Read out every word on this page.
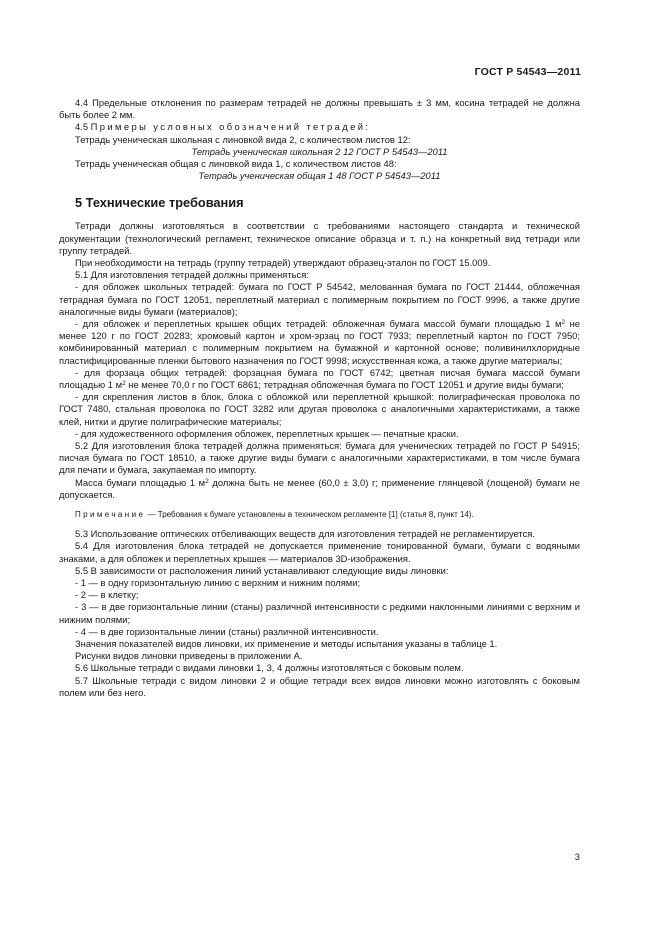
ГОСТ Р 54543—2011

4.4 Предельные отклонения по размерам тетрадей не должны превышать ± 3 мм, косина тетрадей не должна быть более 2 мм.

4.5 Примеры условных обозначений тетрадей:

Тетрадь ученическая школьная с линовкой вида 2, с количеством листов 12:

Тетрадь ученическая школьная 2 12 ГОСТ Р 54543—2011

Тетрадь ученическая общая с линовкой вида 1, с количеством листов 48:

Тетрадь ученическая общая 1 48 ГОСТ Р 54543—2011

5 Технические требования

Тетради должны изготовляться в соответствии с требованиями настоящего стандарта и технической документации (технологический регламент, техническое описание образца и т. п.) на конкретный вид тетради или группу тетрадей.

При необходимости на тетрадь (группу тетрадей) утверждают образец-эталон по ГОСТ 15.009.

5.1 Для изготовления тетрадей должны применяться:

- для обложек школьных тетрадей: бумага по ГОСТ Р 54542, мелованная бумага по ГОСТ 21444, обложечная тетрадная бумага по ГОСТ 12051, переплетный материал с полимерным покрытием по ГОСТ 9996, а также другие аналогичные виды бумаги (материалов);

- для обложек и переплетных крышек общих тетрадей: обложечная бумага массой бумаги площадью 1 $м^2$ не менее 120 г по ГОСТ 20283; хромовый картон и хром-эрзац по ГОСТ 7933; переплетный картон по ГОСТ 7950; комбинированный материал с полимерным покрытием на бумажной и картонной основе; поливинилхлоридные пластифицированные пленки бытового назначения по ГОСТ 9998; искусственная кожа, а также другие материалы;

- для форзаца общих тетрадей: форзацная бумага по ГОСТ 6742; цветная писчая бумага массой бумаги площадью 1 $м^2$ не менее 70,0 г по ГОСТ 6861; тетрадная обложечная бумага по ГОСТ 12051 и другие виды бумаги;

- для скрепления листов в блок, блока с обложкой или переплетной крышкой: полиграфическая проволока по ГОСТ 7480, стальная проволока по ГОСТ 3282 или другая проволока с аналогичными характеристиками, а также клей, нитки и другие полиграфические материалы;

- для художественного оформления обложек, переплетных крышек — печатные краски.

5.2 Для изготовления блока тетрадей должна применяться: бумага для ученических тетрадей по ГОСТ Р 54915; писчая бумага по ГОСТ 18510, а также другие виды бумаги с аналогичными характеристиками, в том числе бумага для печати и бумага, закупаемая по импорту.

Масса бумаги площадью 1 $м^2$ должна быть не менее (60,0 ± 3,0) г; применение глянцевой (лощеной) бумаги не допускается.

Примечание — Требования к бумаге установлены в техническом регламенте [1] (статья 8, пункт 14).

5.3 Использование оптических отбеливающих веществ для изготовления тетрадей не регламентируется.

5.4 Для изготовления блока тетрадей не допускается применение тонированной бумаги, бумаги с водяными знаками, а для обложек и переплетных крышек — материалов 3D-изображения.

5.5 В зависимости от расположения линий устанавливают следующие виды линовки:

- 1 — в одну горизонтальную линию с верхним и нижним полями;

- 2 — в клетку;

- 3 — в две горизонтальные линии (станы) различной интенсивности с редкими наклонными линиями с верхним и нижним полями;

- 4 — в две горизонтальные линии (станы) различной интенсивности.

Значения показателей видов линовки, их применение и методы испытания указаны в таблице 1.

Рисунки видов линовки приведены в приложении А.

5.6 Школьные тетради с видами линовки 1, 3, 4 должны изготовляться с боковым полем.

5.7 Школьные тетради с видом линовки 2 и общие тетради всех видов линовки можно изготовлять с боковым полем или без него.

3
